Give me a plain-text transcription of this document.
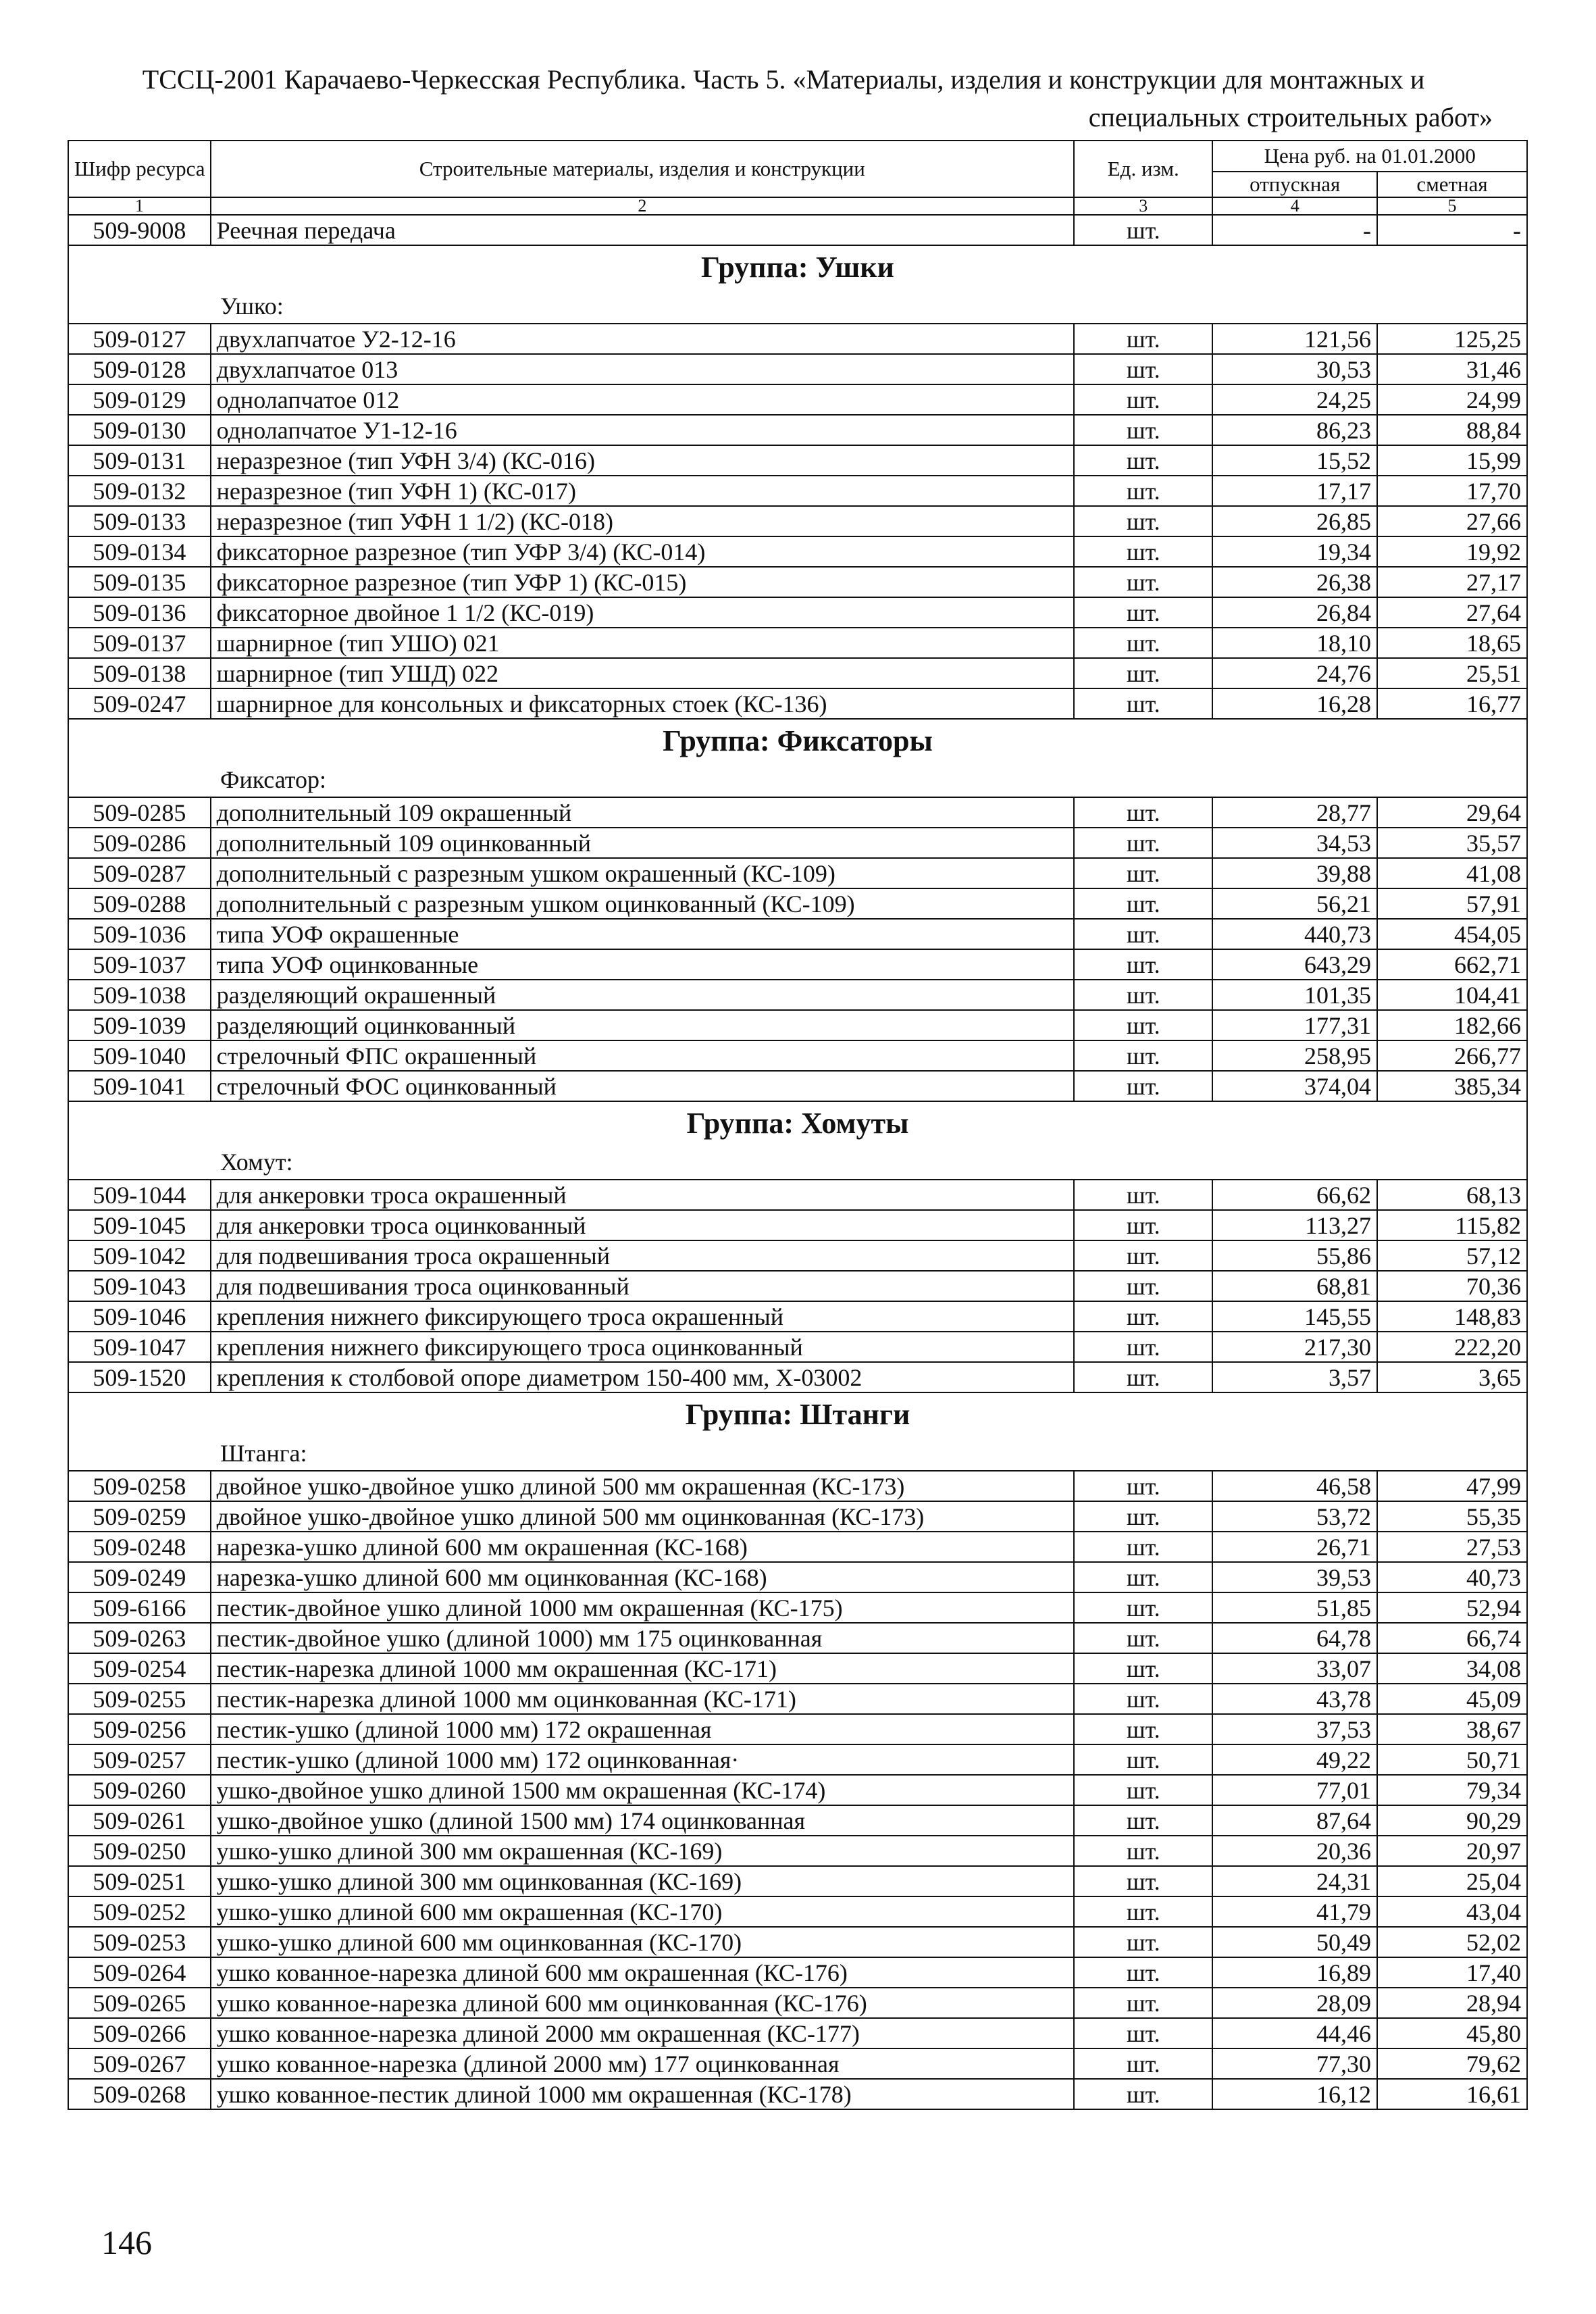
ТССЦ-2001 Карачаево-Черкесская Республика. Часть 5. «Материалы, изделия и конструкции для монтажных и
специальных строительных работ»
Шифр ресурса	Строительные материалы, изделия и конструкции	Ед. изм.	Цена руб. на 01.01.2000	
			отпускная	сметная
1	2	3	4	5
509-9008	Реечная передача	шт.	-	-
Группа: Ушки				
Ушко:				
509-0127	двухлапчатое У2-12-16	шт.	121,56	125,25
509-0128	двухлапчатое 013	шт.	30,53	31,46
509-0129	однолапчатое 012	шт.	24,25	24,99
509-0130	однолапчатое У1-12-16	шт.	86,23	88,84
509-0131	неразрезное (тип УФН 3/4) (КС-016)	шт.	15,52	15,99
509-0132	неразрезное (тип УФН 1) (КС-017)	шт.	17,17	17,70
509-0133	неразрезное (тип УФН 1 1/2) (КС-018)	шт.	26,85	27,66
509-0134	фиксаторное разрезное (тип УФР 3/4) (КС-014)	шт.	19,34	19,92
509-0135	фиксаторное разрезное (тип УФР 1) (КС-015)	шт.	26,38	27,17
509-0136	фиксаторное двойное 1 1/2 (КС-019)	шт.	26,84	27,64
509-0137	шарнирное (тип УШО) 021	шт.	18,10	18,65
509-0138	шарнирное (тип УШД) 022	шт.	24,76	25,51
509-0247	шарнирное для консольных и фиксаторных стоек (КС-136)	шт.	16,28	16,77
Группа: Фиксаторы				
Фиксатор:				
509-0285	дополнительный 109 окрашенный	шт.	28,77	29,64
509-0286	дополнительный 109 оцинкованный	шт.	34,53	35,57
509-0287	дополнительный с разрезным ушком окрашенный (КС-109)	шт.	39,88	41,08
509-0288	дополнительный с разрезным ушком оцинкованный (КС-109)	шт.	56,21	57,91
509-1036	типа УОФ окрашенные	шт.	440,73	454,05
509-1037	типа УОФ оцинкованные	шт.	643,29	662,71
509-1038	разделяющий окрашенный	шт.	101,35	104,41
509-1039	разделяющий оцинкованный	шт.	177,31	182,66
509-1040	стрелочный ФПС окрашенный	шт.	258,95	266,77
509-1041	стрелочный ФОС оцинкованный	шт.	374,04	385,34
Группа: Хомуты				
Хомут:				
509-1044	для анкеровки троса окрашенный	шт.	66,62	68,13
509-1045	для анкеровки троса оцинкованный	шт.	113,27	115,82
509-1042	для подвешивания троса окрашенный	шт.	55,86	57,12
509-1043	для подвешивания троса оцинкованный	шт.	68,81	70,36
509-1046	крепления нижнего фиксирующего троса окрашенный	шт.	145,55	148,83
509-1047	крепления нижнего фиксирующего троса оцинкованный	шт.	217,30	222,20
509-1520	крепления к столбовой опоре диаметром 150-400 мм, Х-03002	шт.	3,57	3,65
Группа: Штанги				
Штанга:				
509-0258	двойное ушко-двойное ушко длиной 500 мм окрашенная (КС-173)	шт.	46,58	47,99
509-0259	двойное ушко-двойное ушко длиной 500 мм оцинкованная (КС-173)	шт.	53,72	55,35
509-0248	нарезка-ушко длиной 600 мм окрашенная (КС-168)	шт.	26,71	27,53
509-0249	нарезка-ушко длиной 600 мм оцинкованная (КС-168)	шт.	39,53	40,73
509-6166	пестик-двойное ушко длиной 1000 мм окрашенная (КС-175)	шт.	51,85	52,94
509-0263	пестик-двойное ушко (длиной 1000) мм 175 оцинкованная	шт.	64,78	66,74
509-0254	пестик-нарезка длиной 1000 мм окрашенная (КС-171)	шт.	33,07	34,08
509-0255	пестик-нарезка длиной 1000 мм оцинкованная (КС-171)	шт.	43,78	45,09
509-0256	пестик-ушко (длиной 1000 мм) 172 окрашенная	шт.	37,53	38,67
509-0257	пестик-ушко (длиной 1000 мм) 172 оцинкованная·	шт.	49,22	50,71
509-0260	ушко-двойное ушко длиной 1500 мм окрашенная (КС-174)	шт.	77,01	79,34
509-0261	ушко-двойное ушко (длиной 1500 мм) 174 оцинкованная	шт.	87,64	90,29
509-0250	ушко-ушко длиной 300 мм окрашенная (КС-169)	шт.	20,36	20,97
509-0251	ушко-ушко длиной 300 мм оцинкованная (КС-169)	шт.	24,31	25,04
509-0252	ушко-ушко длиной 600 мм окрашенная (КС-170)	шт.	41,79	43,04
509-0253	ушко-ушко длиной 600 мм оцинкованная (КС-170)	шт.	50,49	52,02
509-0264	ушко кованное-нарезка длиной 600 мм окрашенная (КС-176)	шт.	16,89	17,40
509-0265	ушко кованное-нарезка длиной 600 мм оцинкованная (КС-176)	шт.	28,09	28,94
509-0266	ушко кованное-нарезка длиной 2000 мм окрашенная (КС-177)	шт.	44,46	45,80
509-0267	ушко кованное-нарезка (длиной 2000 мм) 177 оцинкованная	шт.	77,30	79,62
509-0268	ушко кованное-пестик длиной 1000 мм окрашенная (КС-178)	шт.	16,12	16,61
146
